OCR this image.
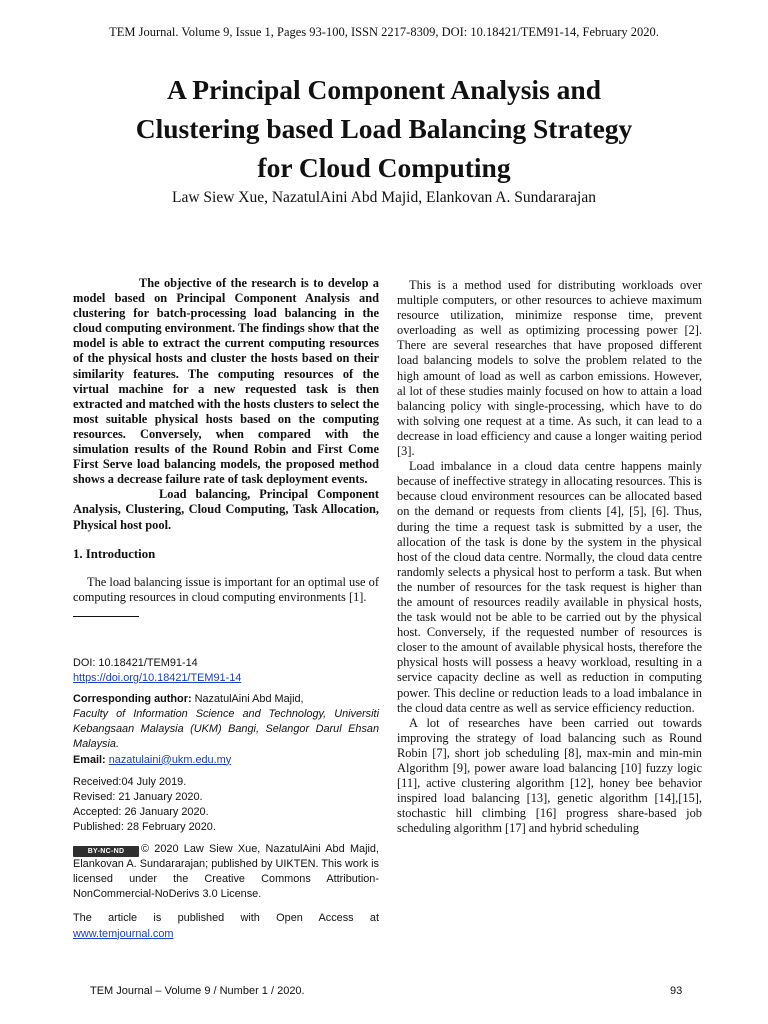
TEM Journal. Volume 9, Issue 1, Pages 93-100, ISSN 2217-8309, DOI: 10.18421/TEM91-14, February 2020.
A Principal Component Analysis and
Clustering based Load Balancing Strategy
for Cloud Computing
Law Siew Xue, NazatulAini Abd Majid, Elankovan A. Sundararajan

The objective of the research is to develop a model based on Principal Component Analysis and clustering for batch-processing load balancing in the cloud computing environment. The findings show that the model is able to extract the current computing resources of the physical hosts and cluster the hosts based on their similarity features. The computing resources of the virtual machine for a new requested task is then extracted and matched with the hosts clusters to select the most suitable physical hosts based on the computing resources. Conversely, when compared with the simulation results of the Round Robin and First Come First Serve load balancing models, the proposed method shows a decrease failure rate of task deployment events.

Load balancing, Principal Component Analysis, Clustering, Cloud Computing, Task Allocation, Physical host pool.

1. Introduction

The load balancing issue is important for an optimal use of computing resources in cloud computing environments [1].

DOI: 10.18421/TEM91-14
https://doi.org/10.18421/TEM91-14

Corresponding author: NazatulAini Abd Majid,

Faculty of Information Science and Technology, Universiti Kebangsaan Malaysia (UKM) Bangi, Selangor Darul Ehsan Malaysia.

Email: nazatulaini@ukm.edu.my

Received:04 July 2019.
Revised: 21 January 2020.
Accepted: 26 January 2020.
Published: 28 February 2020.

BY-NC-ND © 2020 Law Siew Xue, NazatulAini Abd Majid, Elankovan A. Sundararajan; published by UIKTEN. This work is licensed under the Creative Commons Attribution-NonCommercial-NoDerivs 3.0 License.

The article is published with Open Access at www.temjournal.com

This is a method used for distributing workloads over multiple computers, or other resources to achieve maximum resource utilization, minimize response time, prevent overloading as well as optimizing processing power [2]. There are several researches that have proposed different load balancing models to solve the problem related to the high amount of load as well as carbon emissions. However, al lot of these studies mainly focused on how to attain a load balancing policy with single-processing, which have to do with solving one request at a time. As such, it can lead to a decrease in load efficiency and cause a longer waiting period [3].

Load imbalance in a cloud data centre happens mainly because of ineffective strategy in allocating resources. This is because cloud environment resources can be allocated based on the demand or requests from clients [4], [5], [6]. Thus, during the time a request task is submitted by a user, the allocation of the task is done by the system in the physical host of the cloud data centre. Normally, the cloud data centre randomly selects a physical host to perform a task. But when the number of resources for the task request is higher than the amount of resources readily available in physical hosts, the task would not be able to be carried out by the physical host. Conversely, if the requested number of resources is closer to the amount of available physical hosts, therefore the physical hosts will possess a heavy workload, resulting in a service capacity decline as well as reduction in computing power. This decline or reduction leads to a load imbalance in the cloud data centre as well as service efficiency reduction.

A lot of researches have been carried out towards improving the strategy of load balancing such as Round Robin [7], short job scheduling [8], max-min and min-min Algorithm [9], power aware load balancing [10] fuzzy logic [11], active clustering algorithm [12], honey bee behavior inspired load balancing [13], genetic algorithm [14],[15], stochastic hill climbing [16] progress share-based job scheduling algorithm [17] and hybrid scheduling

TEM Journal – Volume 9 / Number 1 / 2020.	93
